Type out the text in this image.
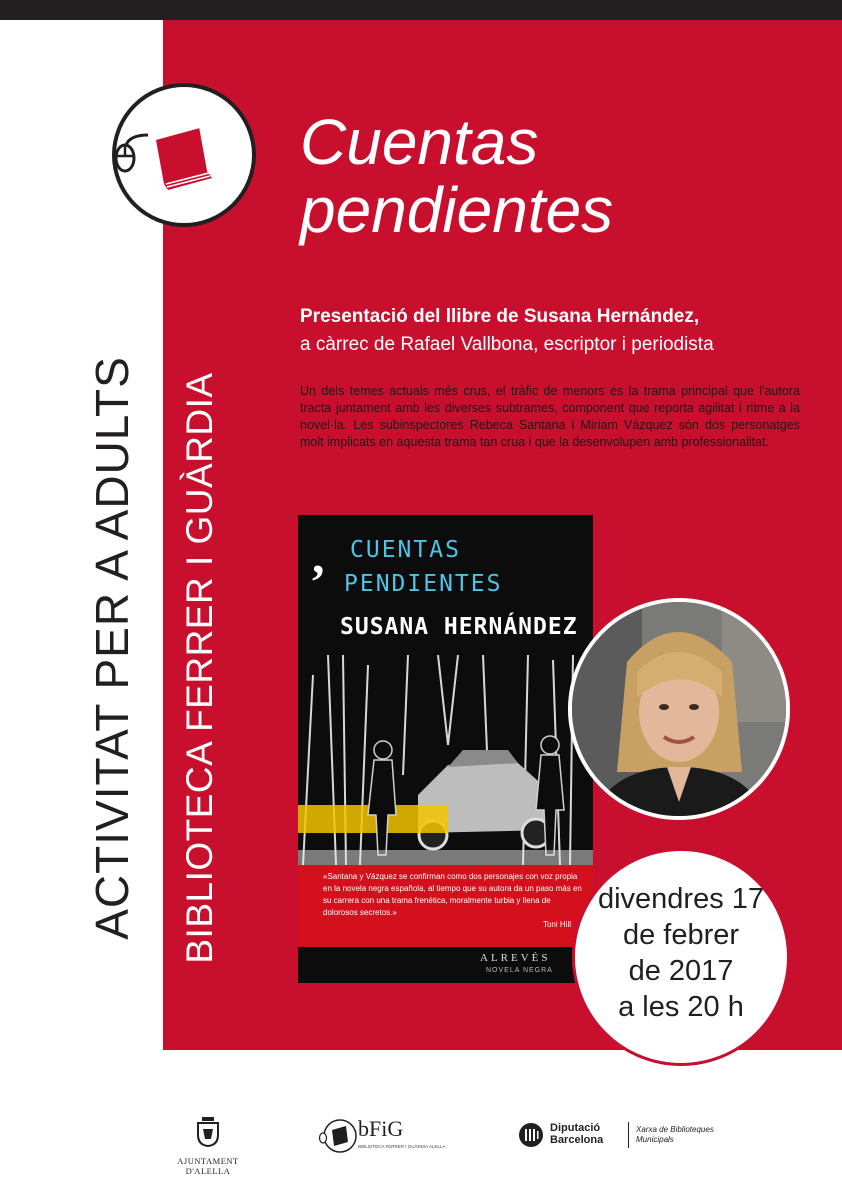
ACTIVITAT PER A ADULTS BIBLIOTECA FERRER I GUÀRDIA
Cuentas
pendientes
Presentació del llibre de Susana Hernández,
a càrrec de Rafael Vallbona, escriptor i periodista
Un dels temes actuals més crus, el tràfic de menors és la trama principal que l'autora tracta juntament amb les diverses subtrames, component que reporta agilitat i ritme a la novel·la. Les subinspectores Rebeca Santana i Miriam Vázquez són dos personatges molt implicats en aquesta trama tan crua i que la desenvolupen amb professionalitat.
, CUENTAS
PENDIENTES
SUSANA HERNÁNDEZ
«Santana y Vázquez se confirman como dos personajes con voz propia en la novela negra española, al tiempo que su autora da un paso más en su carrera con una trama frenética, moralmente turbia y llena de dolorosos secretos.»
Toni Hill
ALREVÉS
NOVELA NEGRA
divendres 17
de febrer
de 2017
a les 20 h
AJUNTAMENT D'ALELLA
bFiG
BIBLIOTECA FERRER I GUÀRDIA ALELLA
Diputació
Barcelona
Xarxa de Biblioteques
Municipals
